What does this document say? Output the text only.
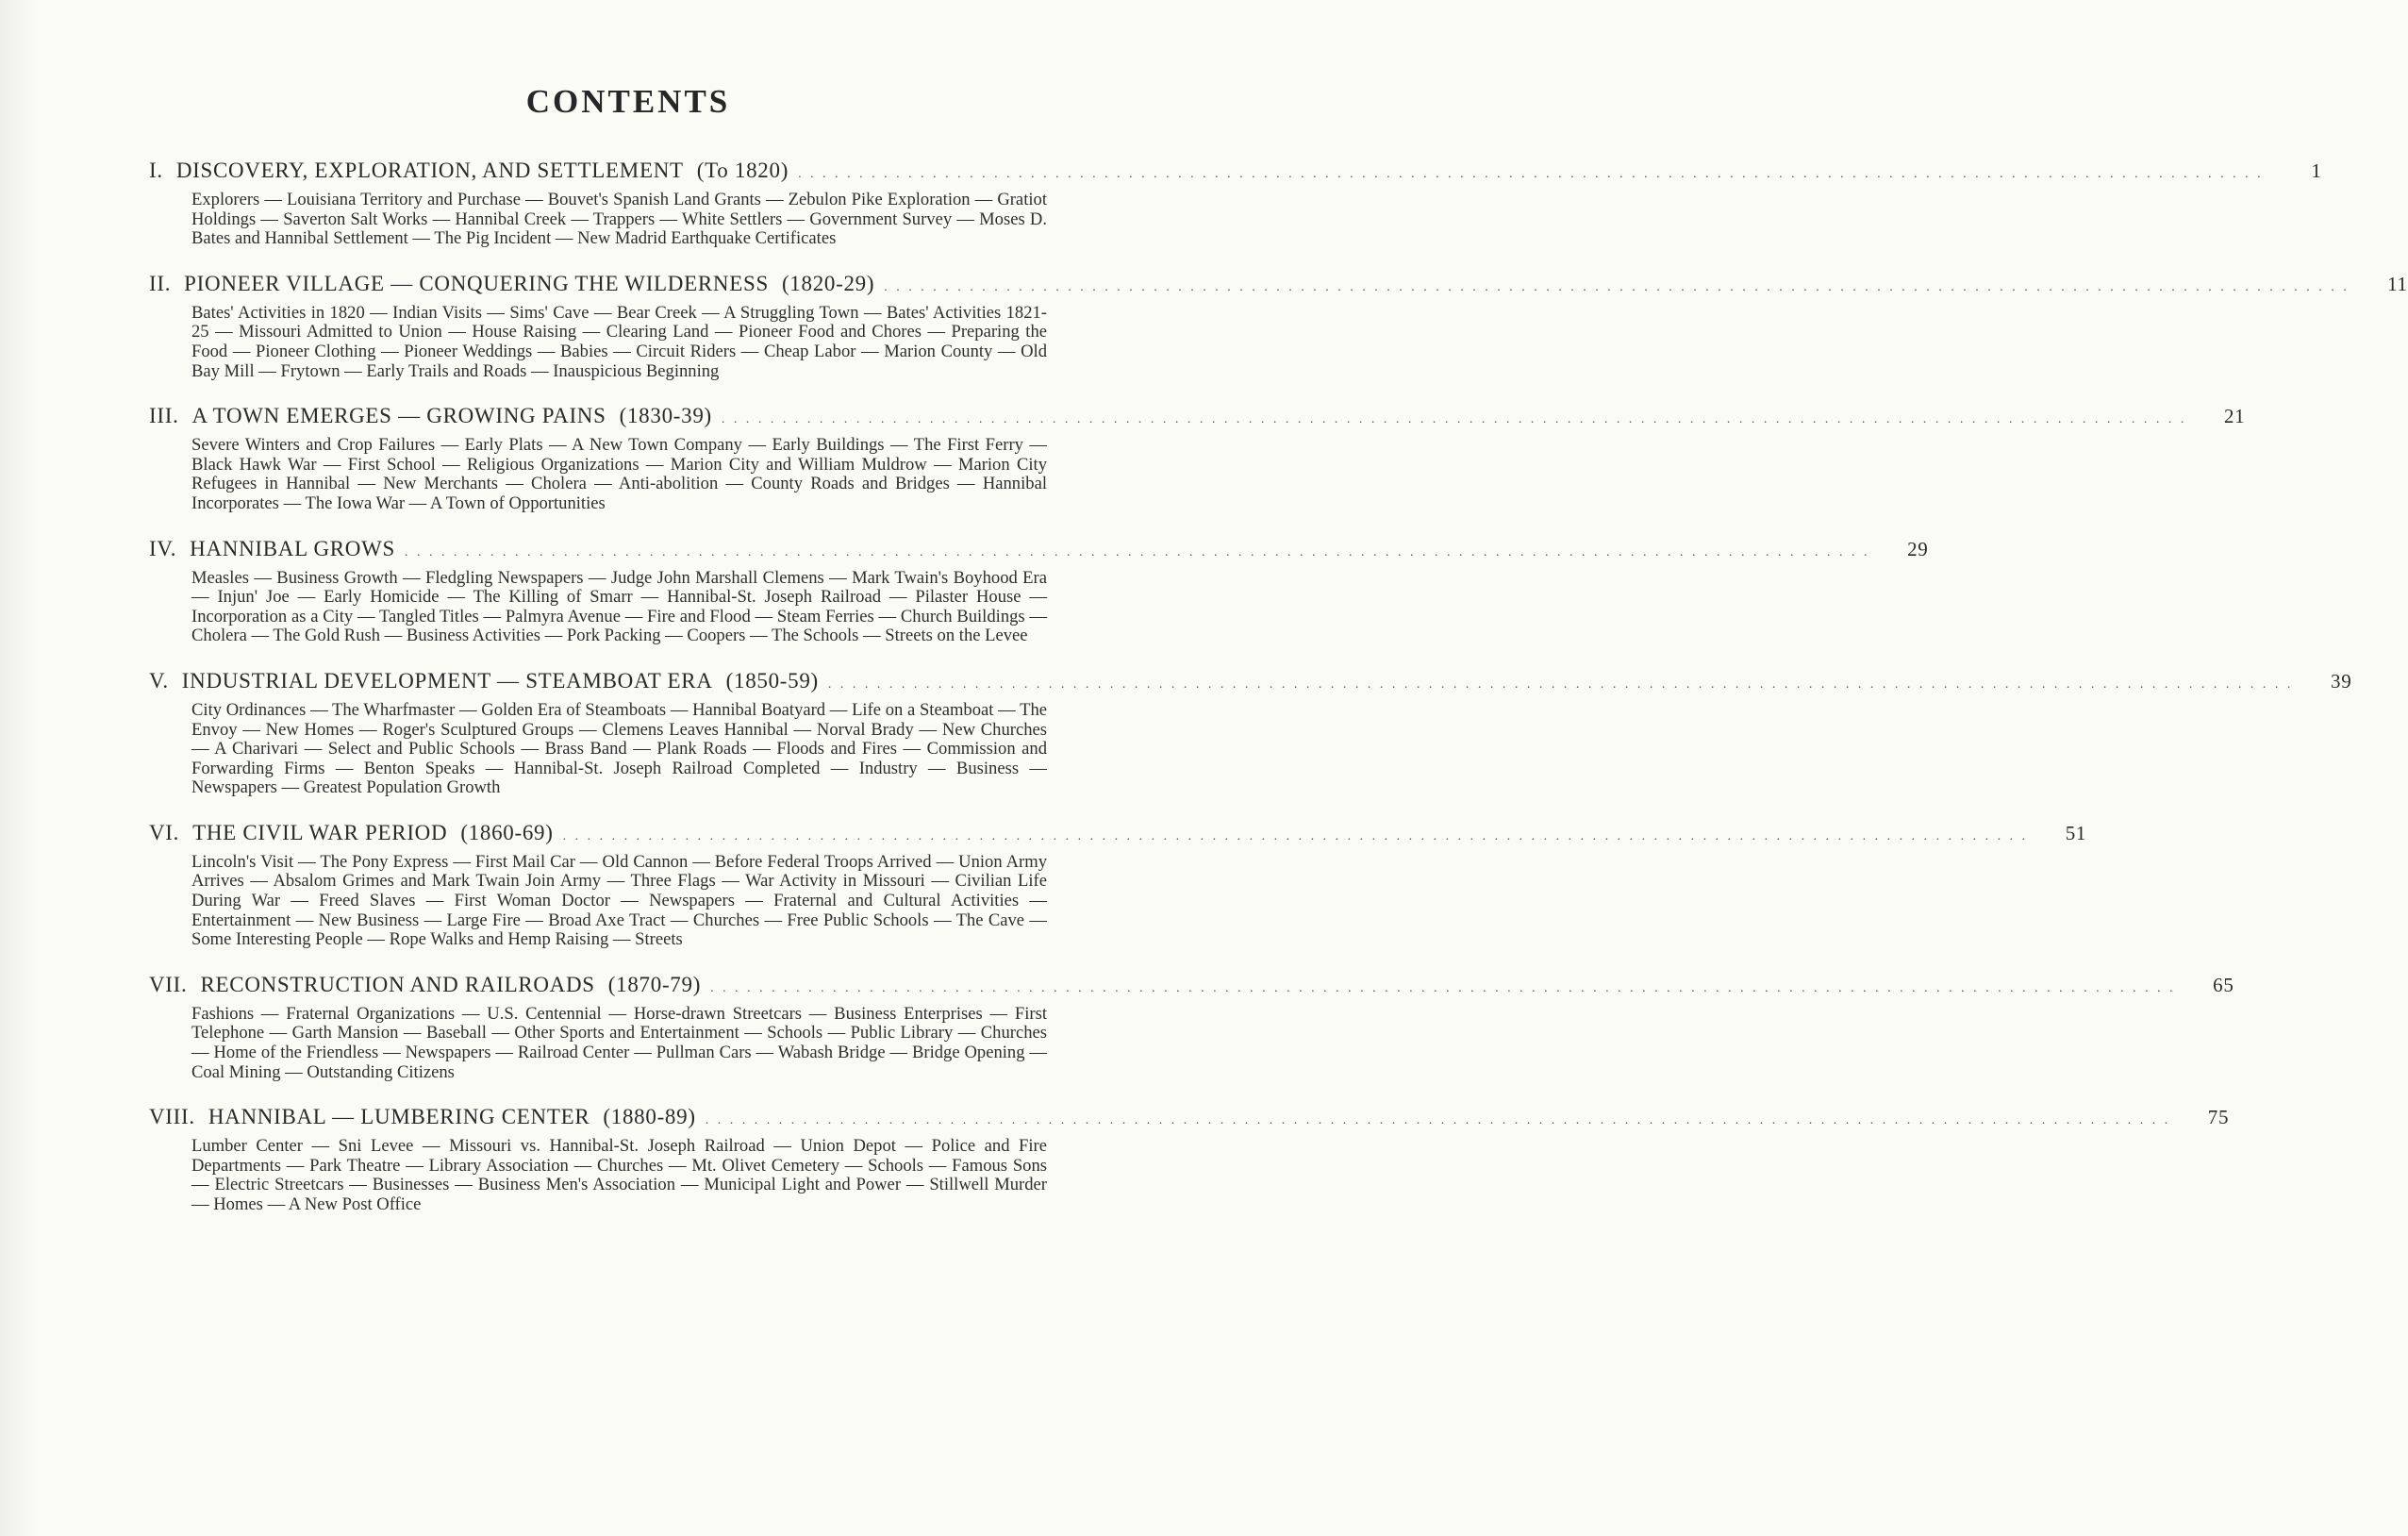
CONTENTS
I. DISCOVERY, EXPLORATION, AND SETTLEMENT (To 1820) . . . . . . . . . . . . . . . . . . . . . . . . . . . . . . . . . . . . . . . . . . . . . . . . . . . . . . . . . . . . . . . . . . . . . . . . . . . . . . . . . . . . . . . . . . . . . . . . . . . . . . . . . . . . . . . . . . . . . . . .	1
Explorers — Louisiana Territory and Purchase — Bouvet's Spanish Land Grants — Zebulon Pike Exploration — Gratiot Holdings — Saverton Salt Works — Hannibal Creek — Trappers — White Settlers — Government Survey — Moses D. Bates and Hannibal Settlement — The Pig Incident — New Madrid Earthquake Certificates
II. PIONEER VILLAGE — CONQUERING THE WILDERNESS (1820-29) . . . . . . . . . . . . . . . . . . . . . . . . . . . . . . . . . . . . . . . . . . . . . . . . . . . . . . . . . . . . . . . . . . . . . . . . . . . . . . . . . . . . . . . . . . . . . . . . . . . . . . . . . . . . . . . . . . . . . . . .	11
Bates' Activities in 1820 — Indian Visits — Sims' Cave — Bear Creek — A Struggling Town — Bates' Activities 1821-25 — Missouri Admitted to Union — House Raising — Clearing Land — Pioneer Food and Chores — Preparing the Food — Pioneer Clothing — Pioneer Weddings — Babies — Circuit Riders — Cheap Labor — Marion County — Old Bay Mill — Frytown — Early Trails and Roads — Inauspicious Beginning
III. A TOWN EMERGES — GROWING PAINS (1830-39) . . . . . . . . . . . . . . . . . . . . . . . . . . . . . . . . . . . . . . . . . . . . . . . . . . . . . . . . . . . . . . . . . . . . . . . . . . . . . . . . . . . . . . . . . . . . . . . . . . . . . . . . . . . . . . . . . . . . . . . .	21
Severe Winters and Crop Failures — Early Plats — A New Town Company — Early Buildings — The First Ferry — Black Hawk War — First School — Religious Organizations — Marion City and William Muldrow — Marion City Refugees in Hannibal — New Merchants — Cholera — Anti-abolition — County Roads and Bridges — Hannibal Incorporates — The Iowa War — A Town of Opportunities
IV. HANNIBAL GROWS . . . . . . . . . . . . . . . . . . . . . . . . . . . . . . . . . . . . . . . . . . . . . . . . . . . . . . . . . . . . . . . . . . . . . . . . . . . . . . . . . . . . . . . . . . . . . . . . . . . . . . . . . . . . . . . . . . . . . . . .	29
Measles — Business Growth — Fledgling Newspapers — Judge John Marshall Clemens — Mark Twain's Boyhood Era — Injun' Joe — Early Homicide — The Killing of Smarr — Hannibal-St. Joseph Railroad — Pilaster House — Incorporation as a City — Tangled Titles — Palmyra Avenue — Fire and Flood — Steam Ferries — Church Buildings — Cholera — The Gold Rush — Business Activities — Pork Packing — Coopers — The Schools — Streets on the Levee
V. INDUSTRIAL DEVELOPMENT — STEAMBOAT ERA (1850-59) . . . . . . . . . . . . . . . . . . . . . . . . . . . . . . . . . . . . . . . . . . . . . . . . . . . . . . . . . . . . . . . . . . . . . . . . . . . . . . . . . . . . . . . . . . . . . . . . . . . . . . . . . . . . . . . . . . . . . . . .	39
City Ordinances — The Wharfmaster — Golden Era of Steamboats — Hannibal Boatyard — Life on a Steamboat — The Envoy — New Homes — Roger's Sculptured Groups — Clemens Leaves Hannibal — Norval Brady — New Churches — A Charivari — Select and Public Schools — Brass Band — Plank Roads — Floods and Fires — Commission and Forwarding Firms — Benton Speaks — Hannibal-St. Joseph Railroad Completed — Industry — Business — Newspapers — Greatest Population Growth
VI. THE CIVIL WAR PERIOD (1860-69) . . . . . . . . . . . . . . . . . . . . . . . . . . . . . . . . . . . . . . . . . . . . . . . . . . . . . . . . . . . . . . . . . . . . . . . . . . . . . . . . . . . . . . . . . . . . . . . . . . . . . . . . . . . . . . . . . . . . . . . .	51
Lincoln's Visit — The Pony Express — First Mail Car — Old Cannon — Before Federal Troops Arrived — Union Army Arrives — Absalom Grimes and Mark Twain Join Army — Three Flags — War Activity in Missouri — Civilian Life During War — Freed Slaves — First Woman Doctor — Newspapers — Fraternal and Cultural Activities — Entertainment — New Business — Large Fire — Broad Axe Tract — Churches — Free Public Schools — The Cave — Some Interesting People — Rope Walks and Hemp Raising — Streets
VII. RECONSTRUCTION AND RAILROADS (1870-79) . . . . . . . . . . . . . . . . . . . . . . . . . . . . . . . . . . . . . . . . . . . . . . . . . . . . . . . . . . . . . . . . . . . . . . . . . . . . . . . . . . . . . . . . . . . . . . . . . . . . . . . . . . . . . . . . . . . . . . . .	65
Fashions — Fraternal Organizations — U.S. Centennial — Horse-drawn Streetcars — Business Enterprises — First Telephone — Garth Mansion — Baseball — Other Sports and Entertainment — Schools — Public Library — Churches — Home of the Friendless — Newspapers — Railroad Center — Pullman Cars — Wabash Bridge — Bridge Opening — Coal Mining — Outstanding Citizens
VIII. HANNIBAL — LUMBERING CENTER (1880-89) . . . . . . . . . . . . . . . . . . . . . . . . . . . . . . . . . . . . . . . . . . . . . . . . . . . . . . . . . . . . . . . . . . . . . . . . . . . . . . . . . . . . . . . . . . . . . . . . . . . . . . . . . . . . . . . . . . . . . . . .	75
Lumber Center — Sni Levee — Missouri vs. Hannibal-St. Joseph Railroad — Union Depot — Police and Fire Departments — Park Theatre — Library Association — Churches — Mt. Olivet Cemetery — Schools — Famous Sons — Electric Streetcars — Businesses — Business Men's Association — Municipal Light and Power — Stillwell Murder — Homes — A New Post Office
